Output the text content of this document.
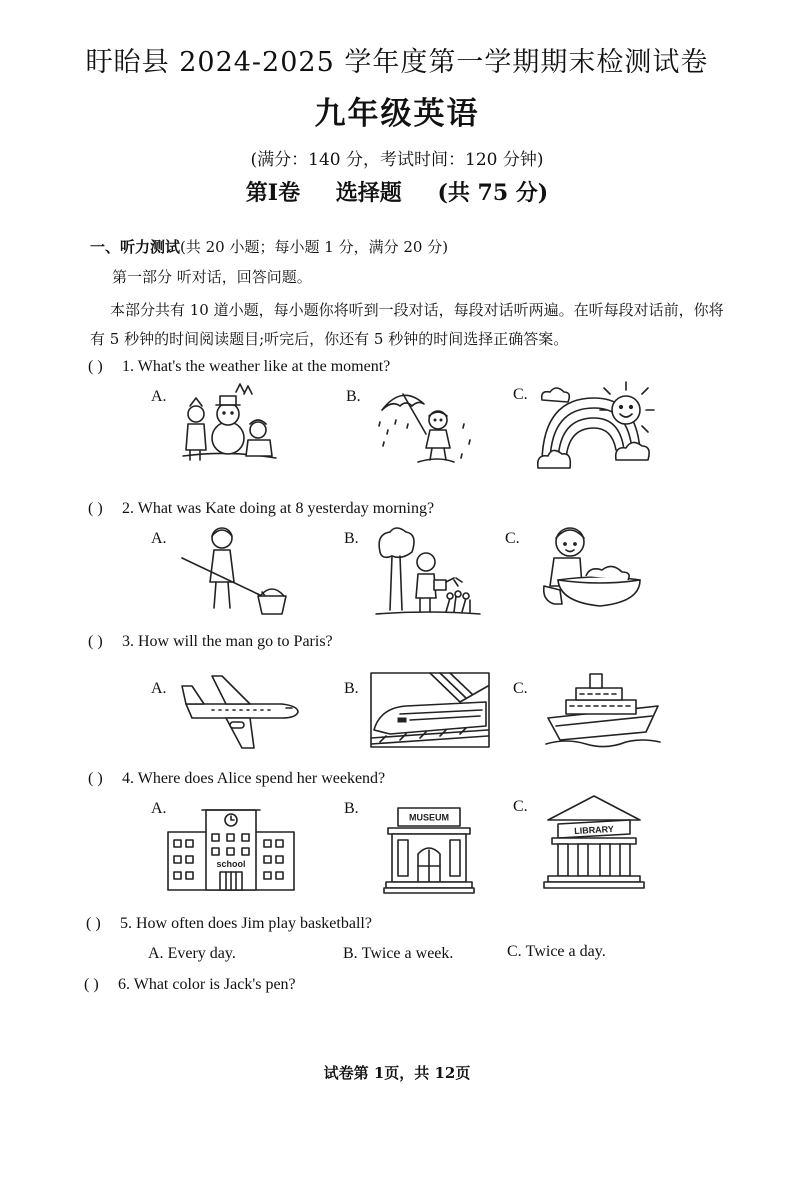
盱眙县 2024-2025 学年度第一学期期末检测试卷
九年级英语
(满分：140 分，考试时间：120 分钟)
第Ⅰ卷 选择题 (共 75 分)
一、听力测试(共 20 小题；每小题 1 分，满分 20 分)
第一部分 听对话，回答问题。
本部分共有 10 道小题，每小题你将听到一段对话，每段对话听两遍。在听每段对话前，你将有 5 秒钟的时间阅读题目;听完后，你还有 5 秒钟的时间选择正确答案。
( ) 1. What's the weather like at the moment?
A.	B.	C.
( ) 2. What was Kate doing at 8 yesterday morning?
A.	B.	C.
( ) 3. How will the man go to Paris?
A.	B.	C.
( ) 4. Where does Alice spend her weekend?
A.	B.	C.
school
MUSEUM
LIBRARY
( ) 5. How often does Jim play basketball?
A. Every day.	B. Twice a week.	C. Twice a day.
( ) 6. What color is Jack's pen?
试卷第 1页，共 12页
